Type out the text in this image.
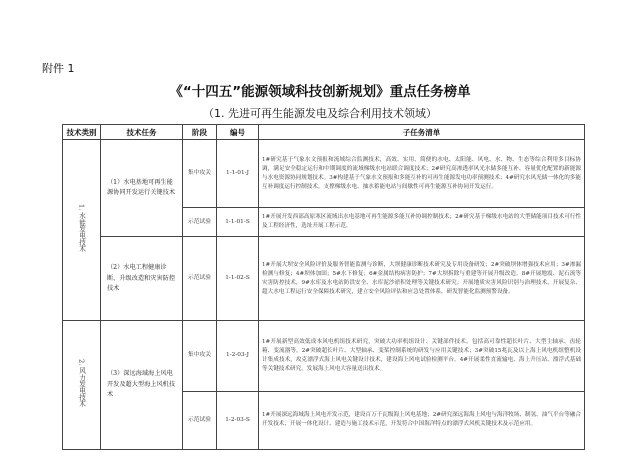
附件 1
《“十四五”能源领域科技创新规划》重点任务榜单
（1. 先进可再生能源发电及综合利用技术领域）
技术类别	技术任务	阶段	编号	子任务清单
1. 水能发电技术	（1）水电基地可再生能源协同开发运行关键技术	集中攻关	1-1-01-J	1#研究基于气象水文预报和流域综合监测技术，高效、实用、简便的水电、太阳能、风电、水、物、生态等综合利用多目标协调，满足安全稳定运行和中期调度的流域梯级水电站联合调度技术；2#研究高渗透率风光水储多能互补、容量优化配置的新能源与水电资源协同规划技术。3#构建基于气象水文预报和多能互补的可再生能源发电功率预测技术；4#研究水风光储一体化的多能互补调度运行控制技术，支撑梯级水电、抽水蓄能电站与间歇性可再生能源互补协同开发运行。
		示范试验	1-1-01-S	1#开展开发西部高原寒区流域出水电基地可再生能源多能互补协调控制技术；2#研究基于梯级水电站的大型储能项目技术可行性及工程经济性，选址开展工程示范。
	（2）水电工程健康诊断、升级改造和灾害防控技术	示范试验	1-1-02-S	1#开展大坝安全风险评价及服务智能监测与诊断，大坝健康诊断技术研究及专用设备研发；2#突破坝体增强技术应用；3#渗漏检测与修复；4#坝体加固；5#水下修复；6#金属结构病害防护；7#大坝拆除与重建等开展升级改造。8#开展地震、泥石流等灾害防控技术，9#水库及水电站防洪安全、水库泥沙淤积处理等关键技术研究；开展地质灾害风险识别与治理技术，开展复杂、超大水电工程运行安全保障技术研究，建立安全风险评估和应急处置体系，研发智能化监测预警设备。
2. 风力发电技术	（3）深远海域海上风电开发及超大型海上风机技术	集中攻关	1-2-03-J	1#开展新型高效低成本风电机组技术研究，突破大功率机组设计、关键部件技术，包括高可靠性超长叶片、大型主轴承、齿轮箱、变流器等，2#突破超长叶片、大型轴承、变桨控制系统的研发与应用关键技术；3#突破15兆瓦及以上海上风电机组整机设计集成技术，攻克漂浮式海上风电关键设计技术，建设海上风电试验检测平台。4#开展柔性直流输电、海上升压站、漂浮式基础等关键技术研究，发展海上风电大容量送出技术。
		示范试验	1-2-03-S	1#开展深远海域海上风电开发示范，建设百万千瓦级海上风电基地；2#研究深远海海上风电与海洋牧场、制氢、油气平台等融合开发技术，开展一体化设计、建造与施工技术示范，开发符合中国海洋特点的漂浮式风机关键技术及示范应用。
